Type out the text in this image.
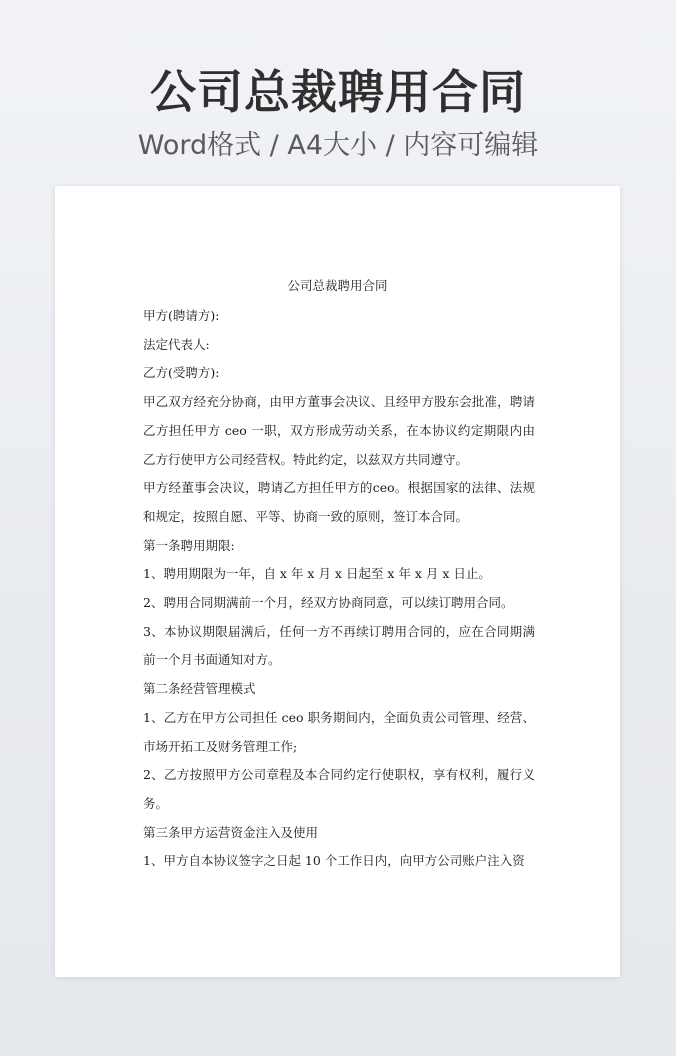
公司总裁聘用合同
Word格式 / A4大小 / 内容可编辑
公司总裁聘用合同

甲方(聘请方):

法定代表人:

乙方(受聘方):

甲乙双方经充分协商，由甲方董事会决议、且经甲方股东会批准，聘请乙方担任甲方 ceo 一职，双方形成劳动关系，在本协议约定期限内由乙方行使甲方公司经营权。特此约定，以兹双方共同遵守。

甲方经董事会决议，聘请乙方担任甲方的ceo。根据国家的法律、法规和规定，按照自愿、平等、协商一致的原则，签订本合同。

第一条聘用期限:

1、聘用期限为一年，自 x 年 x 月 x 日起至 x 年 x 月 x 日止。

2、聘用合同期满前一个月，经双方协商同意，可以续订聘用合同。

3、本协议期限届满后，任何一方不再续订聘用合同的，应在合同期满前一个月书面通知对方。

第二条经营管理模式

1、乙方在甲方公司担任 ceo 职务期间内，全面负责公司管理、经营、市场开拓工及财务管理工作;

2、乙方按照甲方公司章程及本合同约定行使职权，享有权利，履行义务。

第三条甲方运营资金注入及使用

1、甲方自本协议签字之日起 10 个工作日内，向甲方公司账户注入资
